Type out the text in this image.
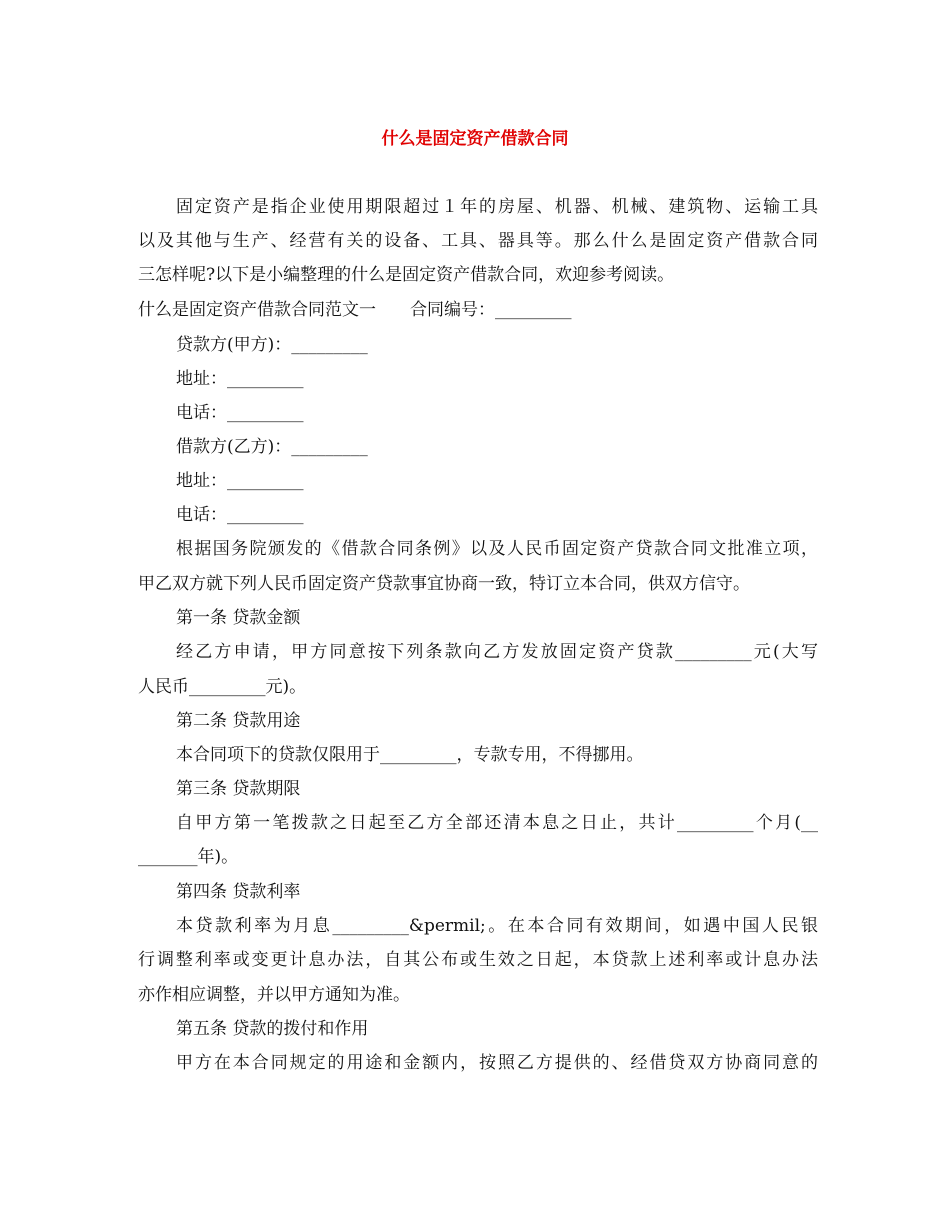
什么是固定资产借款合同
固定资产是指企业使用期限超过１年的房屋、机器、机械、建筑物、运输工具
以及其他与生产、经营有关的设备、工具、器具等。那么什么是固定资产借款合同
三怎样呢?以下是小编整理的什么是固定资产借款合同，欢迎参考阅读。
什么是固定资产借款合同范文一　　合同编号：_________
贷款方(甲方)：_________
地址：_________
电话：_________
借款方(乙方)：_________
地址：_________
电话：_________
根据国务院颁发的《借款合同条例》以及人民币固定资产贷款合同文批准立项，
甲乙双方就下列人民币固定资产贷款事宜协商一致，特订立本合同，供双方信守。
第一条 贷款金额
经乙方申请，甲方同意按下列条款向乙方发放固定资产贷款_________元(大写
人民币_________元)。
第二条 贷款用途
本合同项下的贷款仅限用于_________，专款专用，不得挪用。
第三条 贷款期限
自甲方第一笔拨款之日起至乙方全部还清本息之日止，共计_________个月(__
_______年)。
第四条 贷款利率
本贷款利率为月息_________&permil;。在本合同有效期间，如遇中国人民银
行调整利率或变更计息办法，自其公布或生效之日起，本贷款上述利率或计息办法
亦作相应调整，并以甲方通知为准。
第五条 贷款的拨付和作用
甲方在本合同规定的用途和金额内，按照乙方提供的、经借贷双方协商同意的
